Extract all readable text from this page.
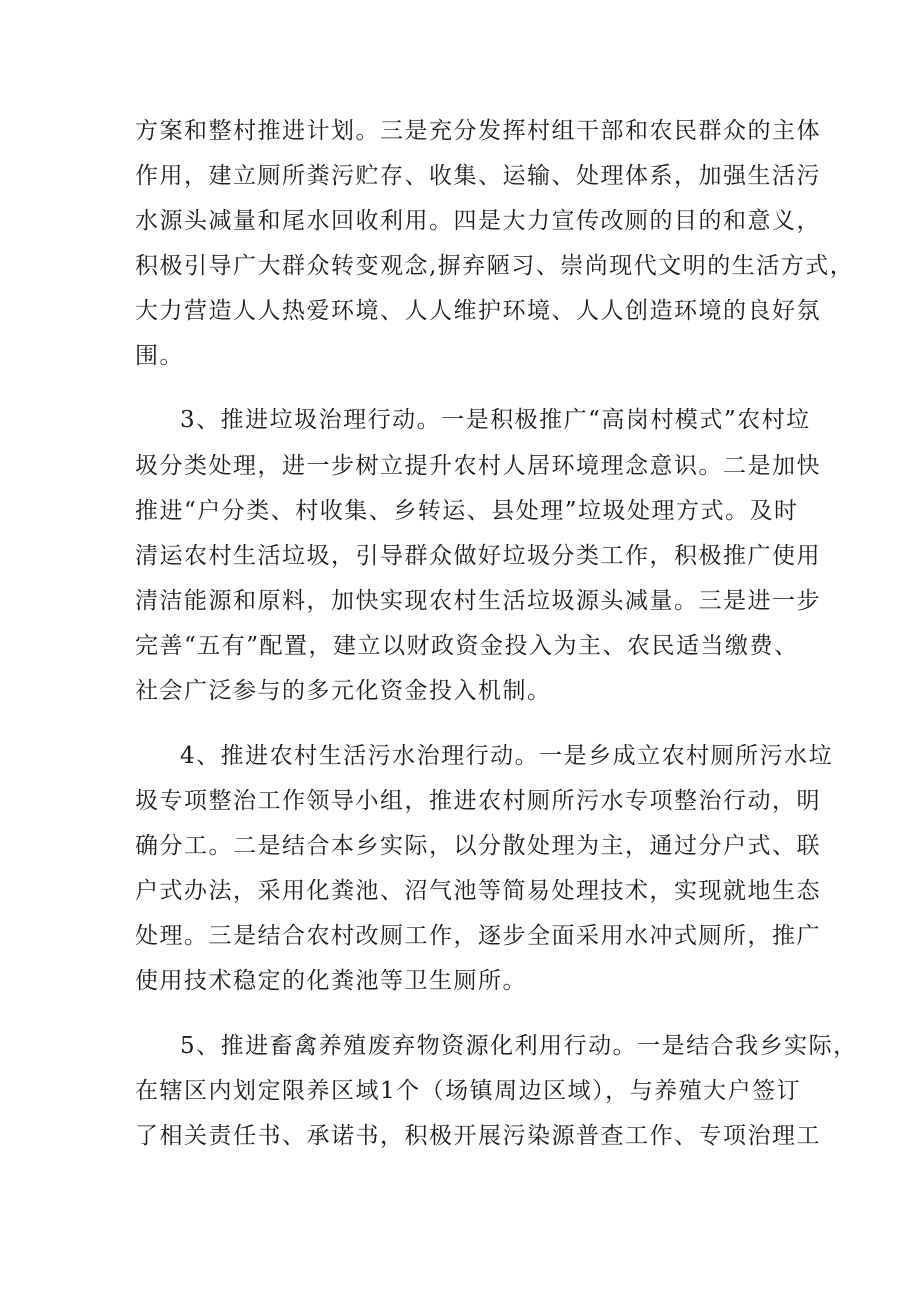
方案和整村推进计划。三是充分发挥村组干部和农民群众的主体
作用，建立厕所粪污贮存、收集、运输、处理体系，加强生活污
水源头减量和尾水回收利用。四是大力宣传改厕的目的和意义，
积极引导广大群众转变观念,摒弃陋习、崇尚现代文明的生活方式，
大力营造人人热爱环境、人人维护环境、人人创造环境的良好氛
围。
3、推进垃圾治理行动。一是积极推广“高岗村模式”农村垃
圾分类处理，进一步树立提升农村人居环境理念意识。二是加快
推进“户分类、村收集、乡转运、县处理”垃圾处理方式。及时
清运农村生活垃圾，引导群众做好垃圾分类工作，积极推广使用
清洁能源和原料，加快实现农村生活垃圾源头减量。三是进一步
完善“五有”配置，建立以财政资金投入为主、农民适当缴费、
社会广泛参与的多元化资金投入机制。
4、推进农村生活污水治理行动。一是乡成立农村厕所污水垃
圾专项整治工作领导小组，推进农村厕所污水专项整治行动，明
确分工。二是结合本乡实际，以分散处理为主，通过分户式、联
户式办法，采用化粪池、沼气池等简易处理技术，实现就地生态
处理。三是结合农村改厕工作，逐步全面采用水冲式厕所，推广
使用技术稳定的化粪池等卫生厕所。
5、推进畜禽养殖废弃物资源化利用行动。一是结合我乡实际，
在辖区内划定限养区域1个（场镇周边区域），与养殖大户签订
了相关责任书、承诺书，积极开展污染源普查工作、专项治理工
